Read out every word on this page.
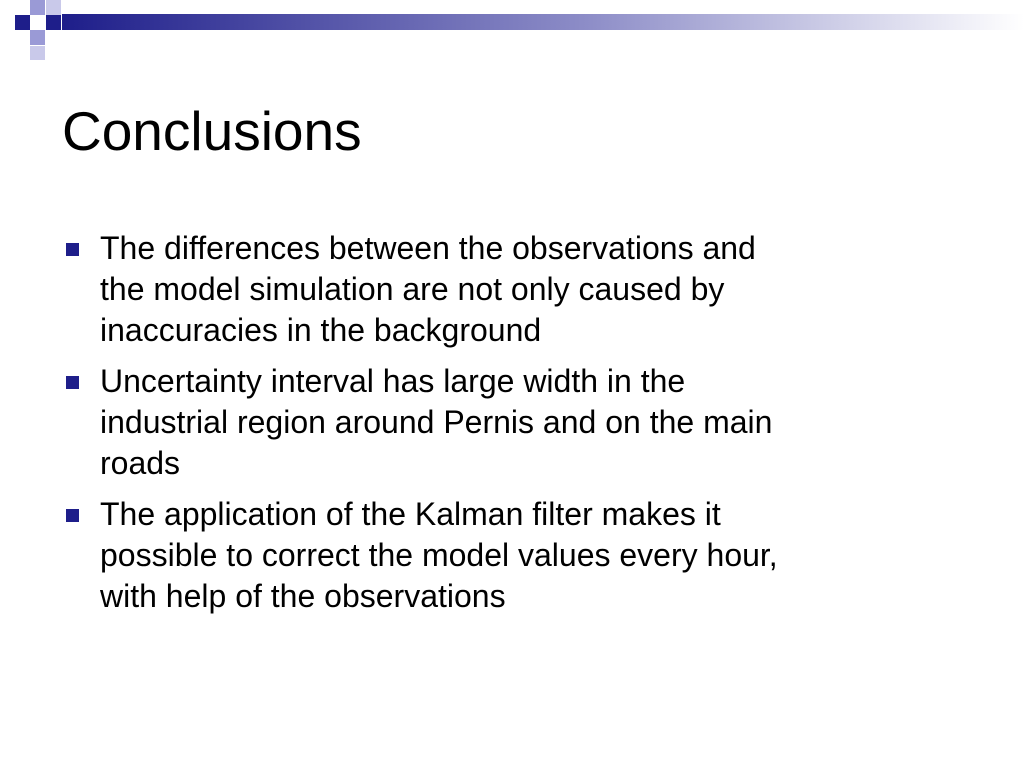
Conclusions
The differences between the observations and
the model simulation are not only caused by
inaccuracies in the background
Uncertainty interval has large width in the
industrial region around Pernis and on the main
roads
The application of the Kalman filter makes it
possible to correct the model values every hour,
with help of the observations
